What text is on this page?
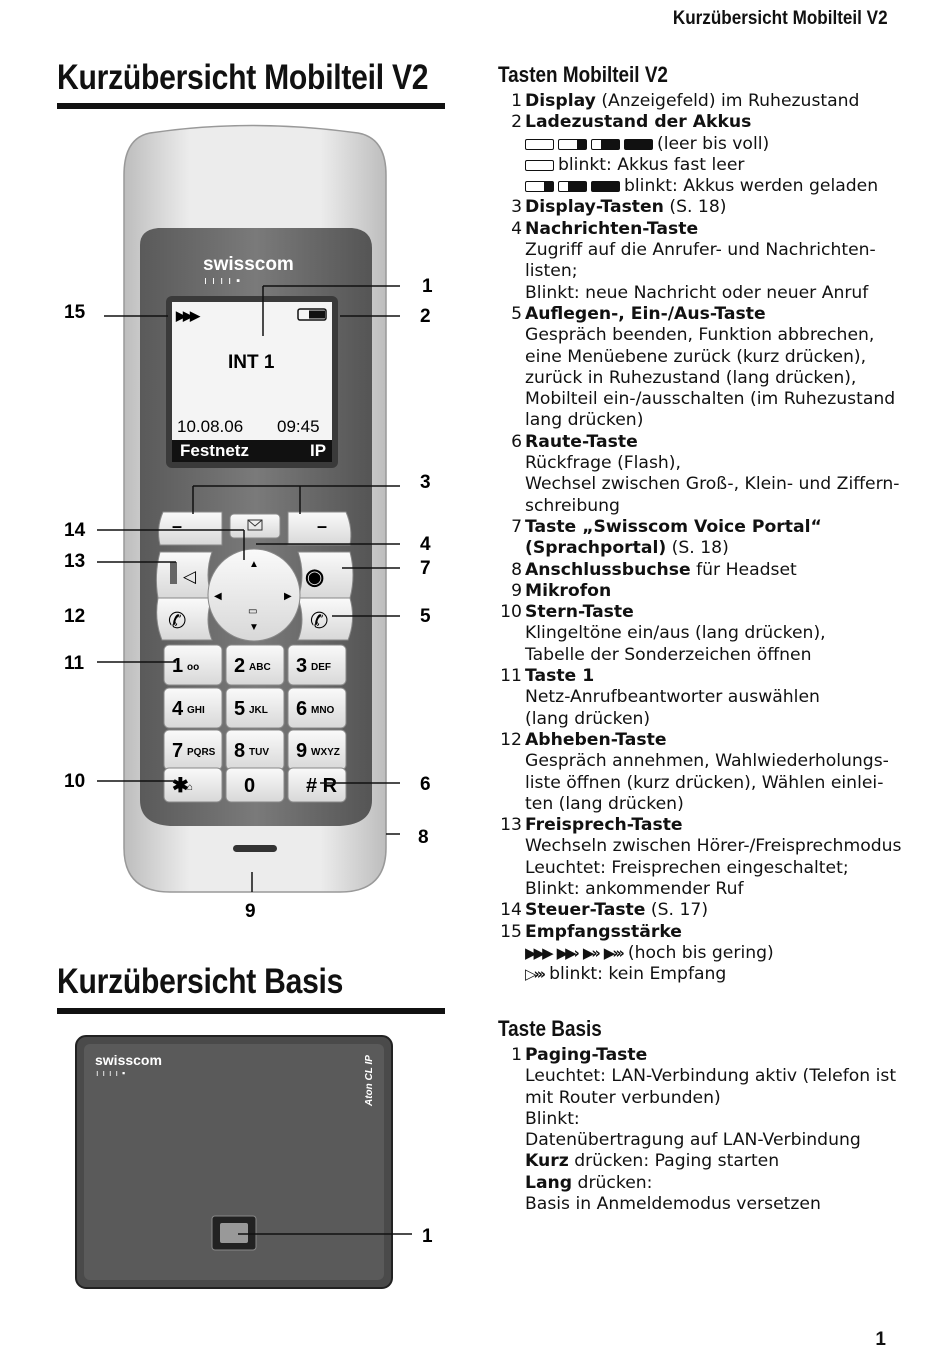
Kurzübersicht Mobilteil V2
Kurzübersicht Mobilteil V2
swisscom
ıııı▪
▶▶▶
INT 1
10.08.06 09:45
Festnetz	IP
–	–
◁	◉
✆	✆
▲
▼
◀	▶
▭
1 oo 2 ABC 3 DEF
4 GHI 5 JKL 6 MNO
7 PQRS 8 TUV 9 WXYZ
✱
⌂	0	# R
1
2
3
4
7
5
6
8
9
15
14
13
12
11
10
Kurzübersicht Basis
swisscom
ıııı▪	Aton CL IP
1
Tasten Mobilteil V2
1 Display (Anzeigefeld) im Ruhezustand
2 Ladezustand der Akkus
(leer bis voll)
blinkt: Akkus fast leer
blinkt: Akkus werden geladen
3 Display-Tasten (S. 18)
4 Nachrichten-Taste
Zugriff auf die Anrufer- und Nachrichten-
listen;
Blinkt: neue Nachricht oder neuer Anruf
5 Auflegen-, Ein-/Aus-Taste
Gespräch beenden, Funktion abbrechen,
eine Menüebene zurück (kurz drücken),
zurück in Ruhezustand (lang drücken),
Mobilteil ein-/ausschalten (im Ruhezustand
lang drücken)
6 Raute-Taste
Rückfrage (Flash),
Wechsel zwischen Groß-, Klein- und Ziffern-
schreibung
7 Taste „Swisscom Voice Portal“
(Sprachportal) (S. 18)
8 Anschlussbuchse für Headset
9 Mikrofon
10 Stern-Taste
Klingeltöne ein/aus (lang drücken),
Tabelle der Sonderzeichen öffnen
11 Taste 1
Netz-Anrufbeantworter auswählen
(lang drücken)
12 Abheben-Taste
Gespräch annehmen, Wahlwiederholungs-
liste öffnen (kurz drücken), Wählen einlei-
ten (lang drücken)
13 Freisprech-Taste
Wechseln zwischen Hörer-/Freisprechmodus
Leuchtet: Freisprechen eingeschaltet;
Blinkt: ankommender Ruf
14 Steuer-Taste (S. 17)
15 Empfangsstärke
▶▶▶ ▶▶› ▶›› ▶››› (hoch bis gering)
▷››› blinkt: kein Empfang
Taste Basis
1 Paging-Taste
Leuchtet: LAN-Verbindung aktiv (Telefon ist
mit Router verbunden)
Blinkt:
Datenübertragung auf LAN-Verbindung
Kurz drücken: Paging starten
Lang drücken:
Basis in Anmeldemodus versetzen
1
